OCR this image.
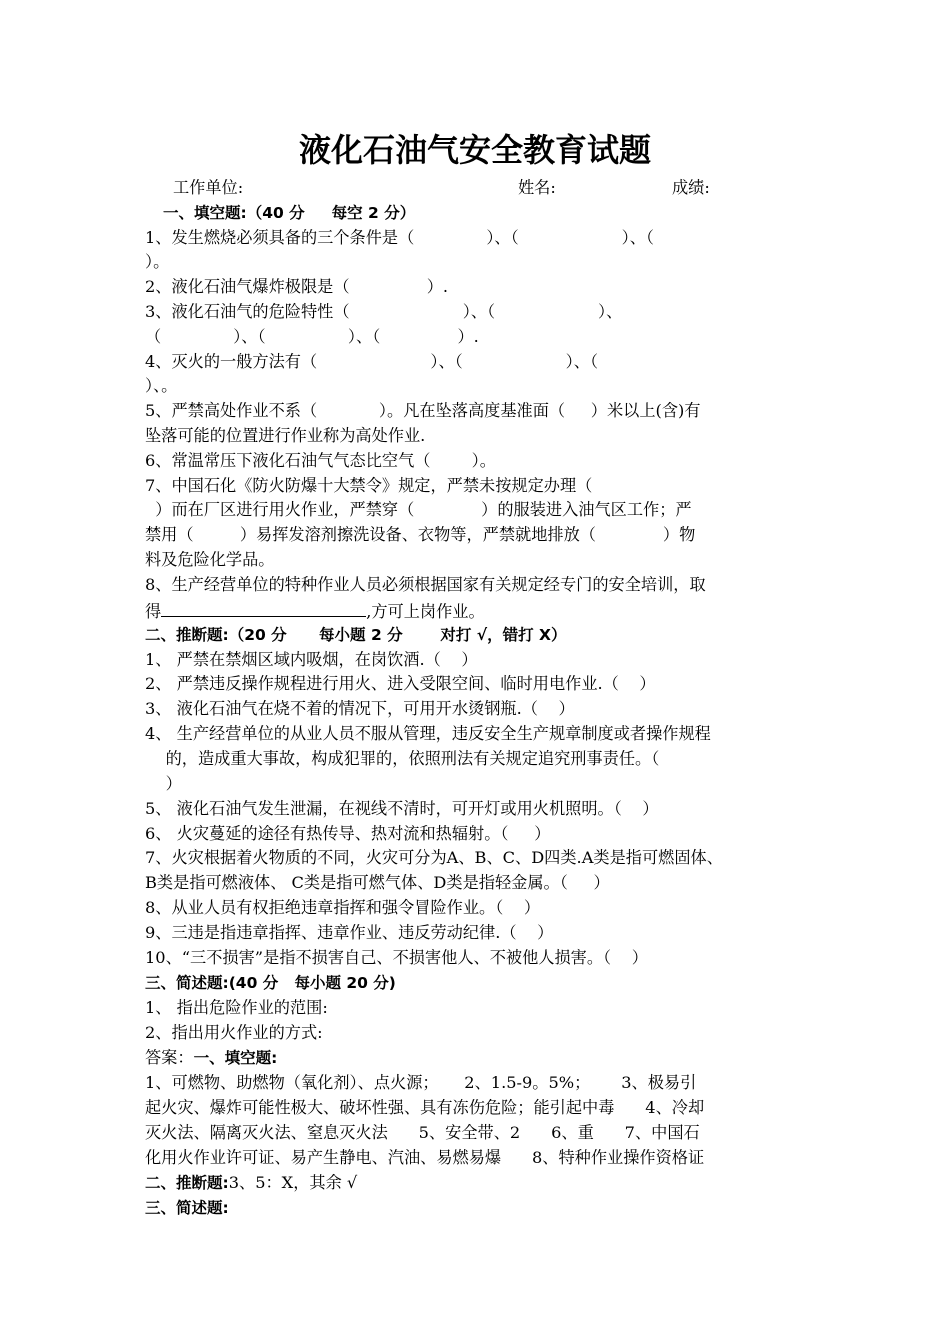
液化石油气安全教育试题
工作单位:	姓名:	成绩:
一、填空题:（40 分     每空 2 分）
1、发生燃烧必须具备的三个条件是（              ）、（                    ）、（
）。
2、液化石油气爆炸极限是（               ）.
3、液化石油气的危险特性（                      ）、（                    ）、
（              ）、（                ）、（               ）.
4、灭火的一般方法有（                      ）、（                    ）、（
）、。
5、严禁高处作业不系（            ）。凡在坠落高度基准面（     ）米以上(含)有
坠落可能的位置进行作业称为高处作业.
6、常温常压下液化石油气气态比空气（        ）。
7、中国石化《防火防爆十大禁令》规定，严禁未按规定办理（
）而在厂区进行用火作业，严禁穿（             ）的服装进入油气区工作；严
禁用（         ）易挥发溶剂擦洗设备、衣物等，严禁就地排放（             ）物
料及危险化学品。
8、生产经营单位的特种作业人员必须根据国家有关规定经专门的安全培训，取
得	,方可上岗作业。
二、推断题:（20 分      每小题 2 分       对打 √，错打 X）
1、 严禁在禁烟区域内吸烟，在岗饮酒.（    ）
2、 严禁违反操作规程进行用火、进入受限空间、临时用电作业.（    ）
3、 液化石油气在烧不着的情况下，可用开水烫钢瓶.（    ）
4、 生产经营单位的从业人员不服从管理，违反安全生产规章制度或者操作规程
的，造成重大事故，构成犯罪的，依照刑法有关规定追究刑事责任。（
）
5、 液化石油气发生泄漏，在视线不清时，可开灯或用火机照明。（    ）
6、 火灾蔓延的途径有热传导、热对流和热辐射。（     ）
7、火灾根据着火物质的不同，火灾可分为A、B、C、D四类.A类是指可燃固体、
B类是指可燃液体、 C类是指可燃气体、D类是指轻金属。（     ）
8、从业人员有权拒绝违章指挥和强令冒险作业。（    ）
9、三违是指违章指挥、违章作业、违反劳动纪律.（    ）
10、“三不损害”是指不损害自己、不损害他人、不被他人损害。（    ）
三、简述题:(40 分   每小题 20 分)
1、 指出危险作业的范围:
2、指出用火作业的方式:
答案：一、填空题:
1、可燃物、助燃物（氧化剂）、点火源；     2、1.5-9。5%；      3、极易引
起火灾、爆炸可能性极大、破坏性强、具有冻伤危险；能引起中毒      4、冷却
灭火法、隔离灭火法、窒息灭火法      5、安全带、2      6、重      7、中国石
化用火作业许可证、易产生静电、汽油、易燃易爆      8、特种作业操作资格证
二、推断题:3、5：X，其余 √
三、简述题:
